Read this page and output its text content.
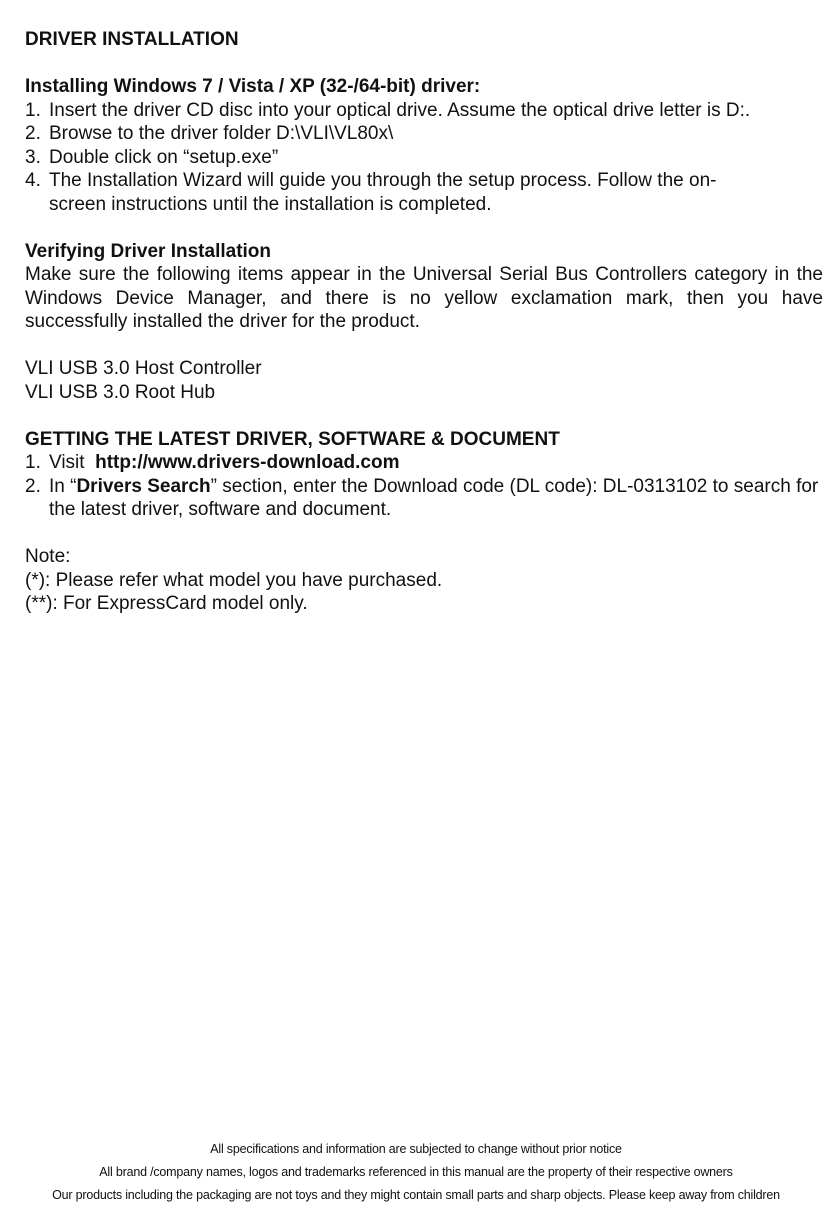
DRIVER INSTALLATION

Installing Windows 7 / Vista / XP (32-/64-bit) driver:

1. Insert the driver CD disc into your optical drive. Assume the optical drive letter is D:.
2. Browse to the driver folder D:\VLI\VL80x\
3. Double click on “setup.exe”
4. The Installation Wizard will guide you through the setup process. Follow the on-screen instructions until the installation is completed.

Verifying Driver Installation

Make sure the following items appear in the Universal Serial Bus Controllers category in the Windows Device Manager, and there is no yellow exclamation mark, then you have successfully installed the driver for the product.

VLI USB 3.0 Host Controller

VLI USB 3.0 Root Hub

GETTING THE LATEST DRIVER, SOFTWARE & DOCUMENT

1. Visit http://www.drivers-download.com
2. In “Drivers Search” section, enter the Download code (DL code): DL-0313102 to search for the latest driver, software and document.

Note:

(*): Please refer what model you have purchased.

(**): For ExpressCard model only.

All specifications and information are subjected to change without prior notice
All brand /company names, logos and trademarks referenced in this manual are the property of their respective owners
Our products including the packaging are not toys and they might contain small parts and sharp objects. Please keep away from children
